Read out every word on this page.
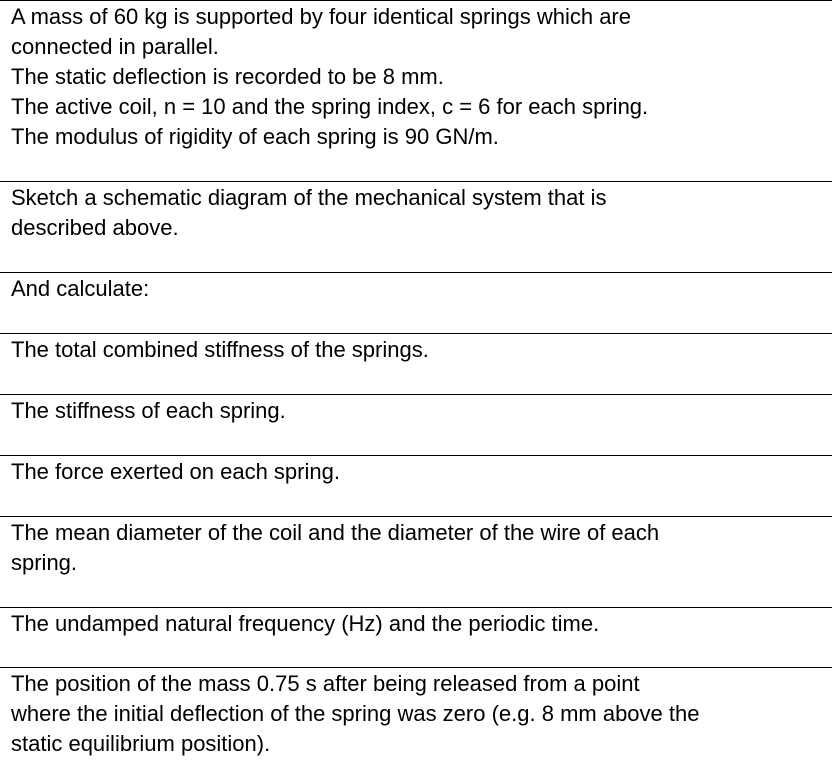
A mass of 60 kg is supported by four identical springs which are
connected in parallel.
The static deflection is recorded to be 8 mm.
The active coil, n = 10 and the spring index, c = 6 for each spring.
The modulus of rigidity of each spring is 90 GN/m.
Sketch a schematic diagram of the mechanical system that is
described above.
And calculate:
The total combined stiffness of the springs.
The stiffness of each spring.
The force exerted on each spring.
The mean diameter of the coil and the diameter of the wire of each
spring.
The undamped natural frequency (Hz) and the periodic time.
The position of the mass 0.75 s after being released from a point
where the initial deflection of the spring was zero (e.g. 8 mm above the
static equilibrium position).
